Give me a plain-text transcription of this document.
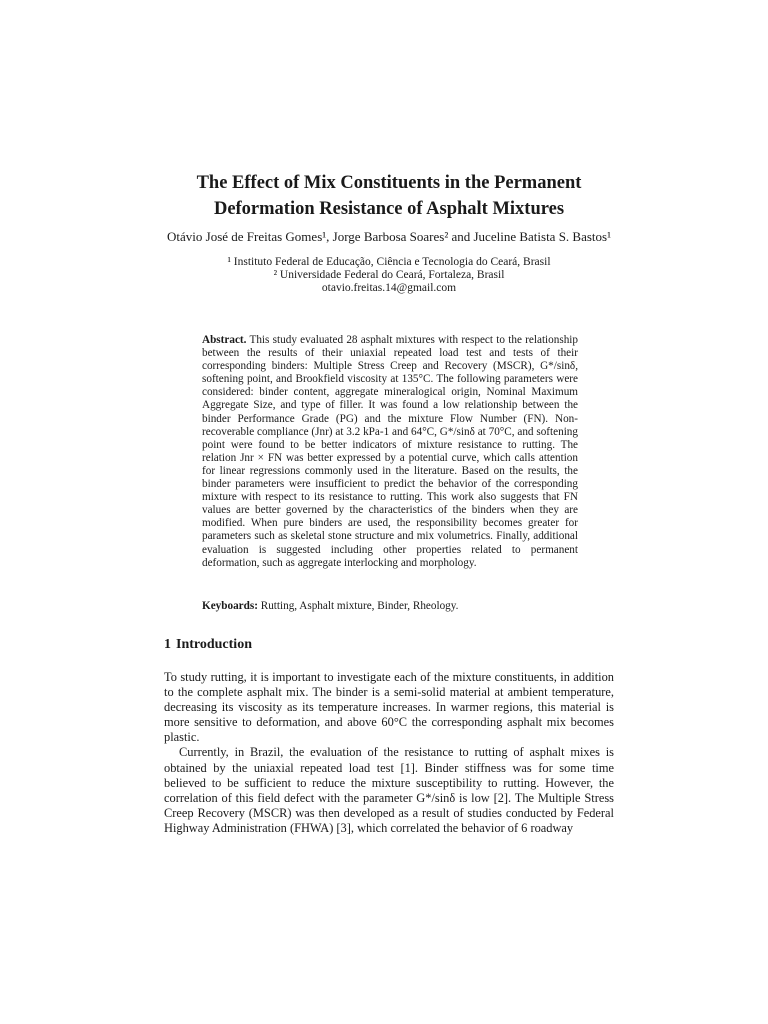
The Effect of Mix Constituents in the Permanent
Deformation Resistance of Asphalt Mixtures
Otávio José de Freitas Gomes¹, Jorge Barbosa Soares² and Juceline Batista S. Bastos¹
¹ Instituto Federal de Educação, Ciência e Tecnologia do Ceará, Brasil
² Universidade Federal do Ceará, Fortaleza, Brasil
otavio.freitas.14@gmail.com
Abstract. This study evaluated 28 asphalt mixtures with respect to the relationship between the results of their uniaxial repeated load test and tests of their corresponding binders: Multiple Stress Creep and Recovery (MSCR), G*/sinδ, softening point, and Brookfield viscosity at 135°C. The following parameters were considered: binder content, aggregate mineralogical origin, Nominal Maximum Aggregate Size, and type of filler. It was found a low relationship between the binder Performance Grade (PG) and the mixture Flow Number (FN). Non-recoverable compliance (Jnr) at 3.2 kPa-1 and 64°C, G*/sinδ at 70°C, and softening point were found to be better indicators of mixture resistance to rutting. The relation Jnr × FN was better expressed by a potential curve, which calls attention for linear regressions commonly used in the literature. Based on the results, the binder parameters were insufficient to predict the behavior of the corresponding mixture with respect to its resistance to rutting. This work also suggests that FN values are better governed by the characteristics of the binders when they are modified. When pure binders are used, the responsibility becomes greater for parameters such as skeletal stone structure and mix volumetrics. Finally, additional evaluation is suggested including other properties related to permanent deformation, such as aggregate interlocking and morphology.
Keyboards: Rutting, Asphalt mixture, Binder, Rheology.
1 Introduction

To study rutting, it is important to investigate each of the mixture constituents, in addition to the complete asphalt mix. The binder is a semi-solid material at ambient temperature, decreasing its viscosity as its temperature increases. In warmer regions, this material is more sensitive to deformation, and above 60°C the corresponding asphalt mix becomes plastic.

Currently, in Brazil, the evaluation of the resistance to rutting of asphalt mixes is obtained by the uniaxial repeated load test [1]. Binder stiffness was for some time believed to be sufficient to reduce the mixture susceptibility to rutting. However, the correlation of this field defect with the parameter G*/sinδ is low [2]. The Multiple Stress Creep Recovery (MSCR) was then developed as a result of studies conducted by Federal Highway Administration (FHWA) [3], which correlated the behavior of 6 roadway
